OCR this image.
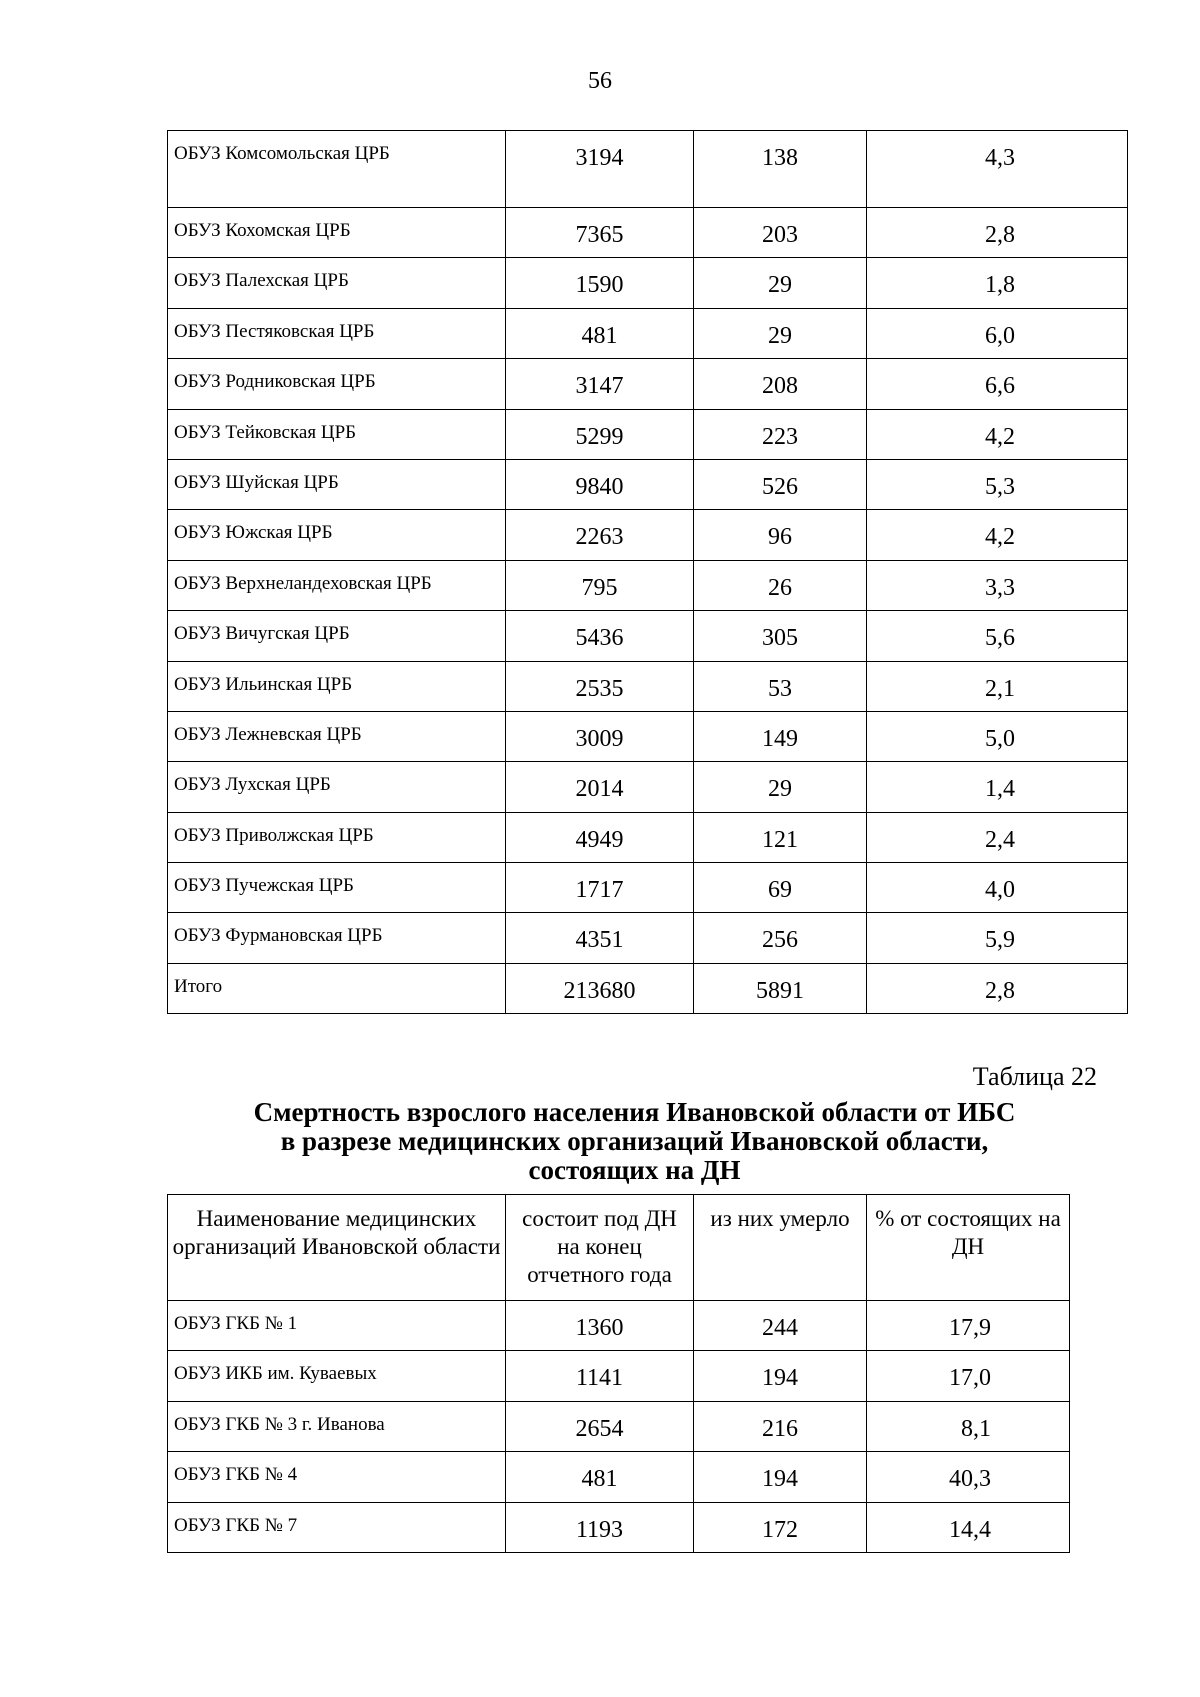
56
ОБУЗ Комсомольская ЦРБ	3194	138	4,3
ОБУЗ Кохомская ЦРБ	7365	203	2,8
ОБУЗ Палехская ЦРБ	1590	29	1,8
ОБУЗ Пестяковская ЦРБ	481	29	6,0
ОБУЗ Родниковская ЦРБ	3147	208	6,6
ОБУЗ Тейковская ЦРБ	5299	223	4,2
ОБУЗ Шуйская ЦРБ	9840	526	5,3
ОБУЗ Южская ЦРБ	2263	96	4,2
ОБУЗ Верхнеландеховская ЦРБ	795	26	3,3
ОБУЗ Вичугская ЦРБ	5436	305	5,6
ОБУЗ Ильинская ЦРБ	2535	53	2,1
ОБУЗ Лежневская ЦРБ	3009	149	5,0
ОБУЗ Лухская ЦРБ	2014	29	1,4
ОБУЗ Приволжская ЦРБ	4949	121	2,4
ОБУЗ Пучежская ЦРБ	1717	69	4,0
ОБУЗ Фурмановская ЦРБ	4351	256	5,9
Итого	213680	5891	2,8
Таблица 22
Смертность взрослого населения Ивановской области от ИБС
в разрезе медицинских организаций Ивановской области,
состоящих на ДН
Наименование медицинских организаций Ивановской области	состоит под ДН на конец отчетного года	из них умерло	% от состоящих на ДН
ОБУЗ ГКБ № 1	1360	244	17,9
ОБУЗ ИКБ им. Куваевых	1141	194	17,0
ОБУЗ ГКБ № 3 г. Иванова	2654	216	8,1
ОБУЗ ГКБ № 4	481	194	40,3
ОБУЗ ГКБ № 7	1193	172	14,4
